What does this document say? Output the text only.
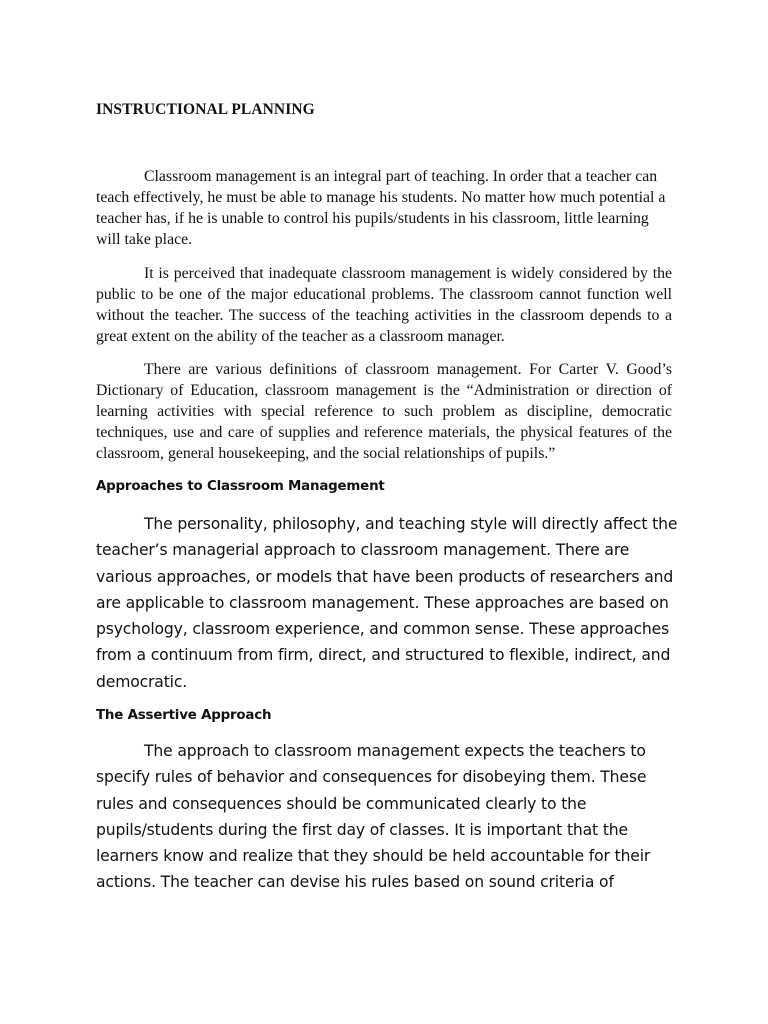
INSTRUCTIONAL PLANNING

Classroom management is an integral part of teaching. In order that a teacher can teach effectively, he must be able to manage his students. No matter how much potential a teacher has, if he is unable to control his pupils/students in his classroom, little learning will take place.

It is perceived that inadequate classroom management is widely considered by the public to be one of the major educational problems. The classroom cannot function well without the teacher. The success of the teaching activities in the classroom depends to a great extent on the ability of the teacher as a classroom manager.

There are various definitions of classroom management. For Carter V. Good’s Dictionary of Education, classroom management is the “Administration or direction of learning activities with special reference to such problem as discipline, democratic techniques, use and care of supplies and reference materials, the physical features of the classroom, general housekeeping, and the social relationships of pupils.”

Approaches to Classroom Management

The personality, philosophy, and teaching style will directly affect the teacher’s managerial approach to classroom management. There are various approaches, or models that have been products of researchers and are applicable to classroom management. These approaches are based on psychology, classroom experience, and common sense. These approaches from a continuum from firm, direct, and structured to flexible, indirect, and democratic.

The Assertive Approach

The approach to classroom management expects the teachers to specify rules of behavior and consequences for disobeying them. These rules and consequences should be communicated clearly to the pupils/students during the first day of classes. It is important that the learners know and realize that they should be held accountable for their actions. The teacher can devise his rules based on sound criteria of
